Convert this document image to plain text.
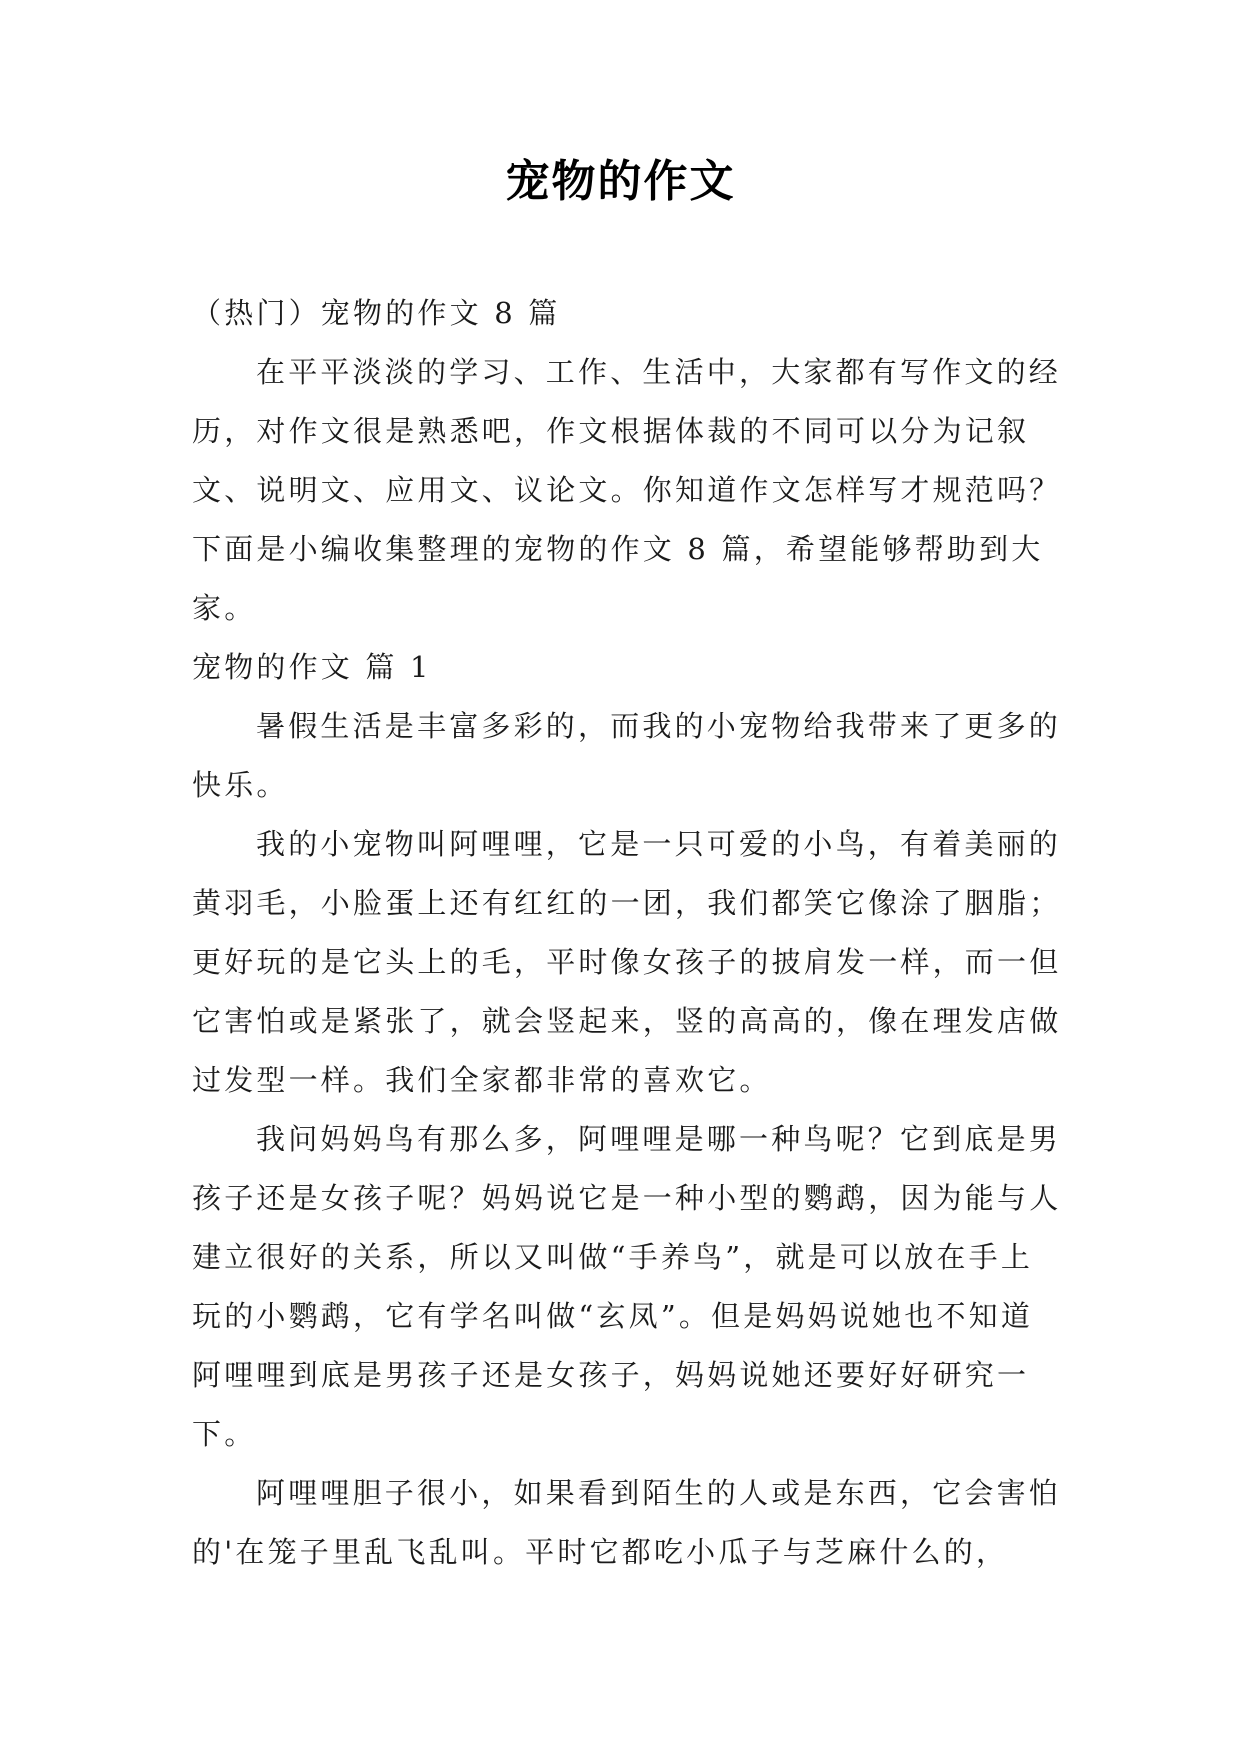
宠物的作文

（热门）宠物的作文 8 篇

在平平淡淡的学习、工作、生活中，大家都有写作文的经历，对作文很是熟悉吧，作文根据体裁的不同可以分为记叙文、说明文、应用文、议论文。你知道作文怎样写才规范吗？下面是小编收集整理的宠物的作文 8 篇，希望能够帮助到大家。

宠物的作文 篇 1

暑假生活是丰富多彩的，而我的小宠物给我带来了更多的快乐。

我的小宠物叫阿哩哩，它是一只可爱的小鸟，有着美丽的黄羽毛，小脸蛋上还有红红的一团，我们都笑它像涂了胭脂；更好玩的是它头上的毛，平时像女孩子的披肩发一样，而一但它害怕或是紧张了，就会竖起来，竖的高高的，像在理发店做过发型一样。我们全家都非常的喜欢它。

我问妈妈鸟有那么多，阿哩哩是哪一种鸟呢？它到底是男孩子还是女孩子呢？妈妈说它是一种小型的鹦鹉，因为能与人建立很好的关系，所以又叫做“手养鸟”，就是可以放在手上玩的小鹦鹉，它有学名叫做“玄凤”。但是妈妈说她也不知道阿哩哩到底是男孩子还是女孩子，妈妈说她还要好好研究一下。

阿哩哩胆子很小，如果看到陌生的人或是东西，它会害怕的'在笼子里乱飞乱叫。平时它都吃小瓜子与芝麻什么的，
